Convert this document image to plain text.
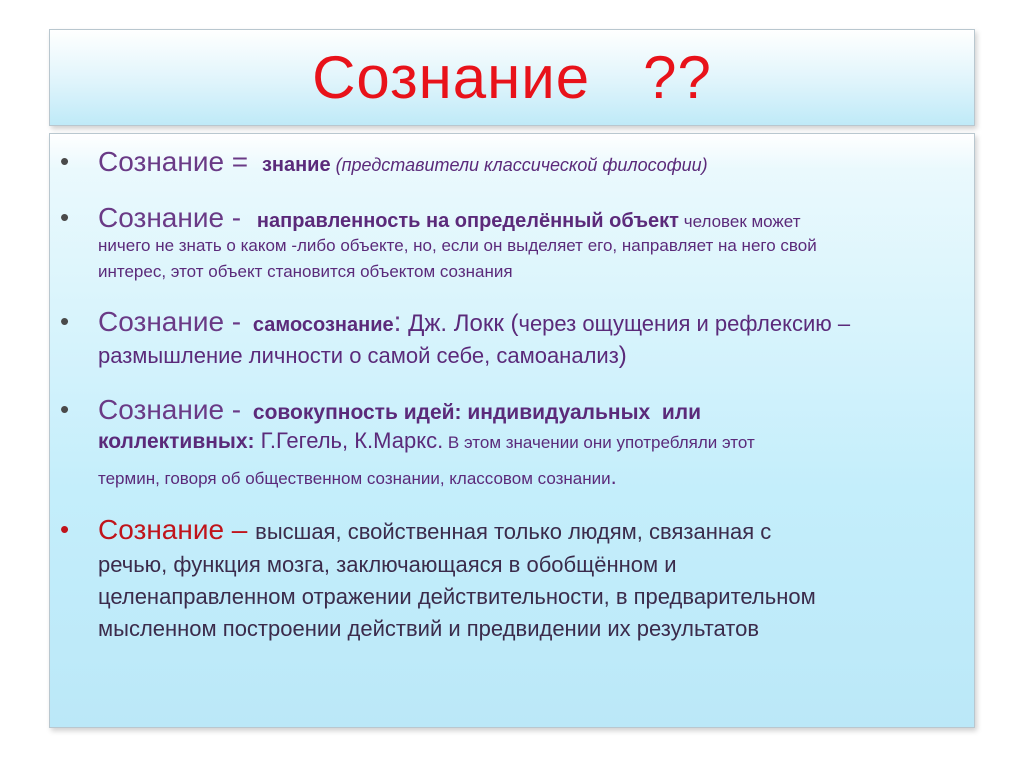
Сознание   ??
• Сознание = знание (представители классической философии)
• Сознание - направленность на определённый объект человек может
ничего не знать о каком -либо объекте, но, если он выделяет его, направляет на него свой
интерес, этот объект становится объектом сознания
• Сознание - самосознание: Дж. Локк (через ощущения и рефлексию –
размышление личности о самой себе, самоанализ)
• Сознание - совокупность идей: индивидуальных  или
коллективных: Г.Гегель, К.Маркс. В этом значении они употребляли этот
термин, говоря об общественном сознании, классовом сознании.
• Сознание – высшая, свойственная только людям, связанная с
речью, функция мозга, заключающаяся в обобщённом и
целенаправленном отражении действительности, в предварительном
мысленном построении действий и предвидении их результатов
